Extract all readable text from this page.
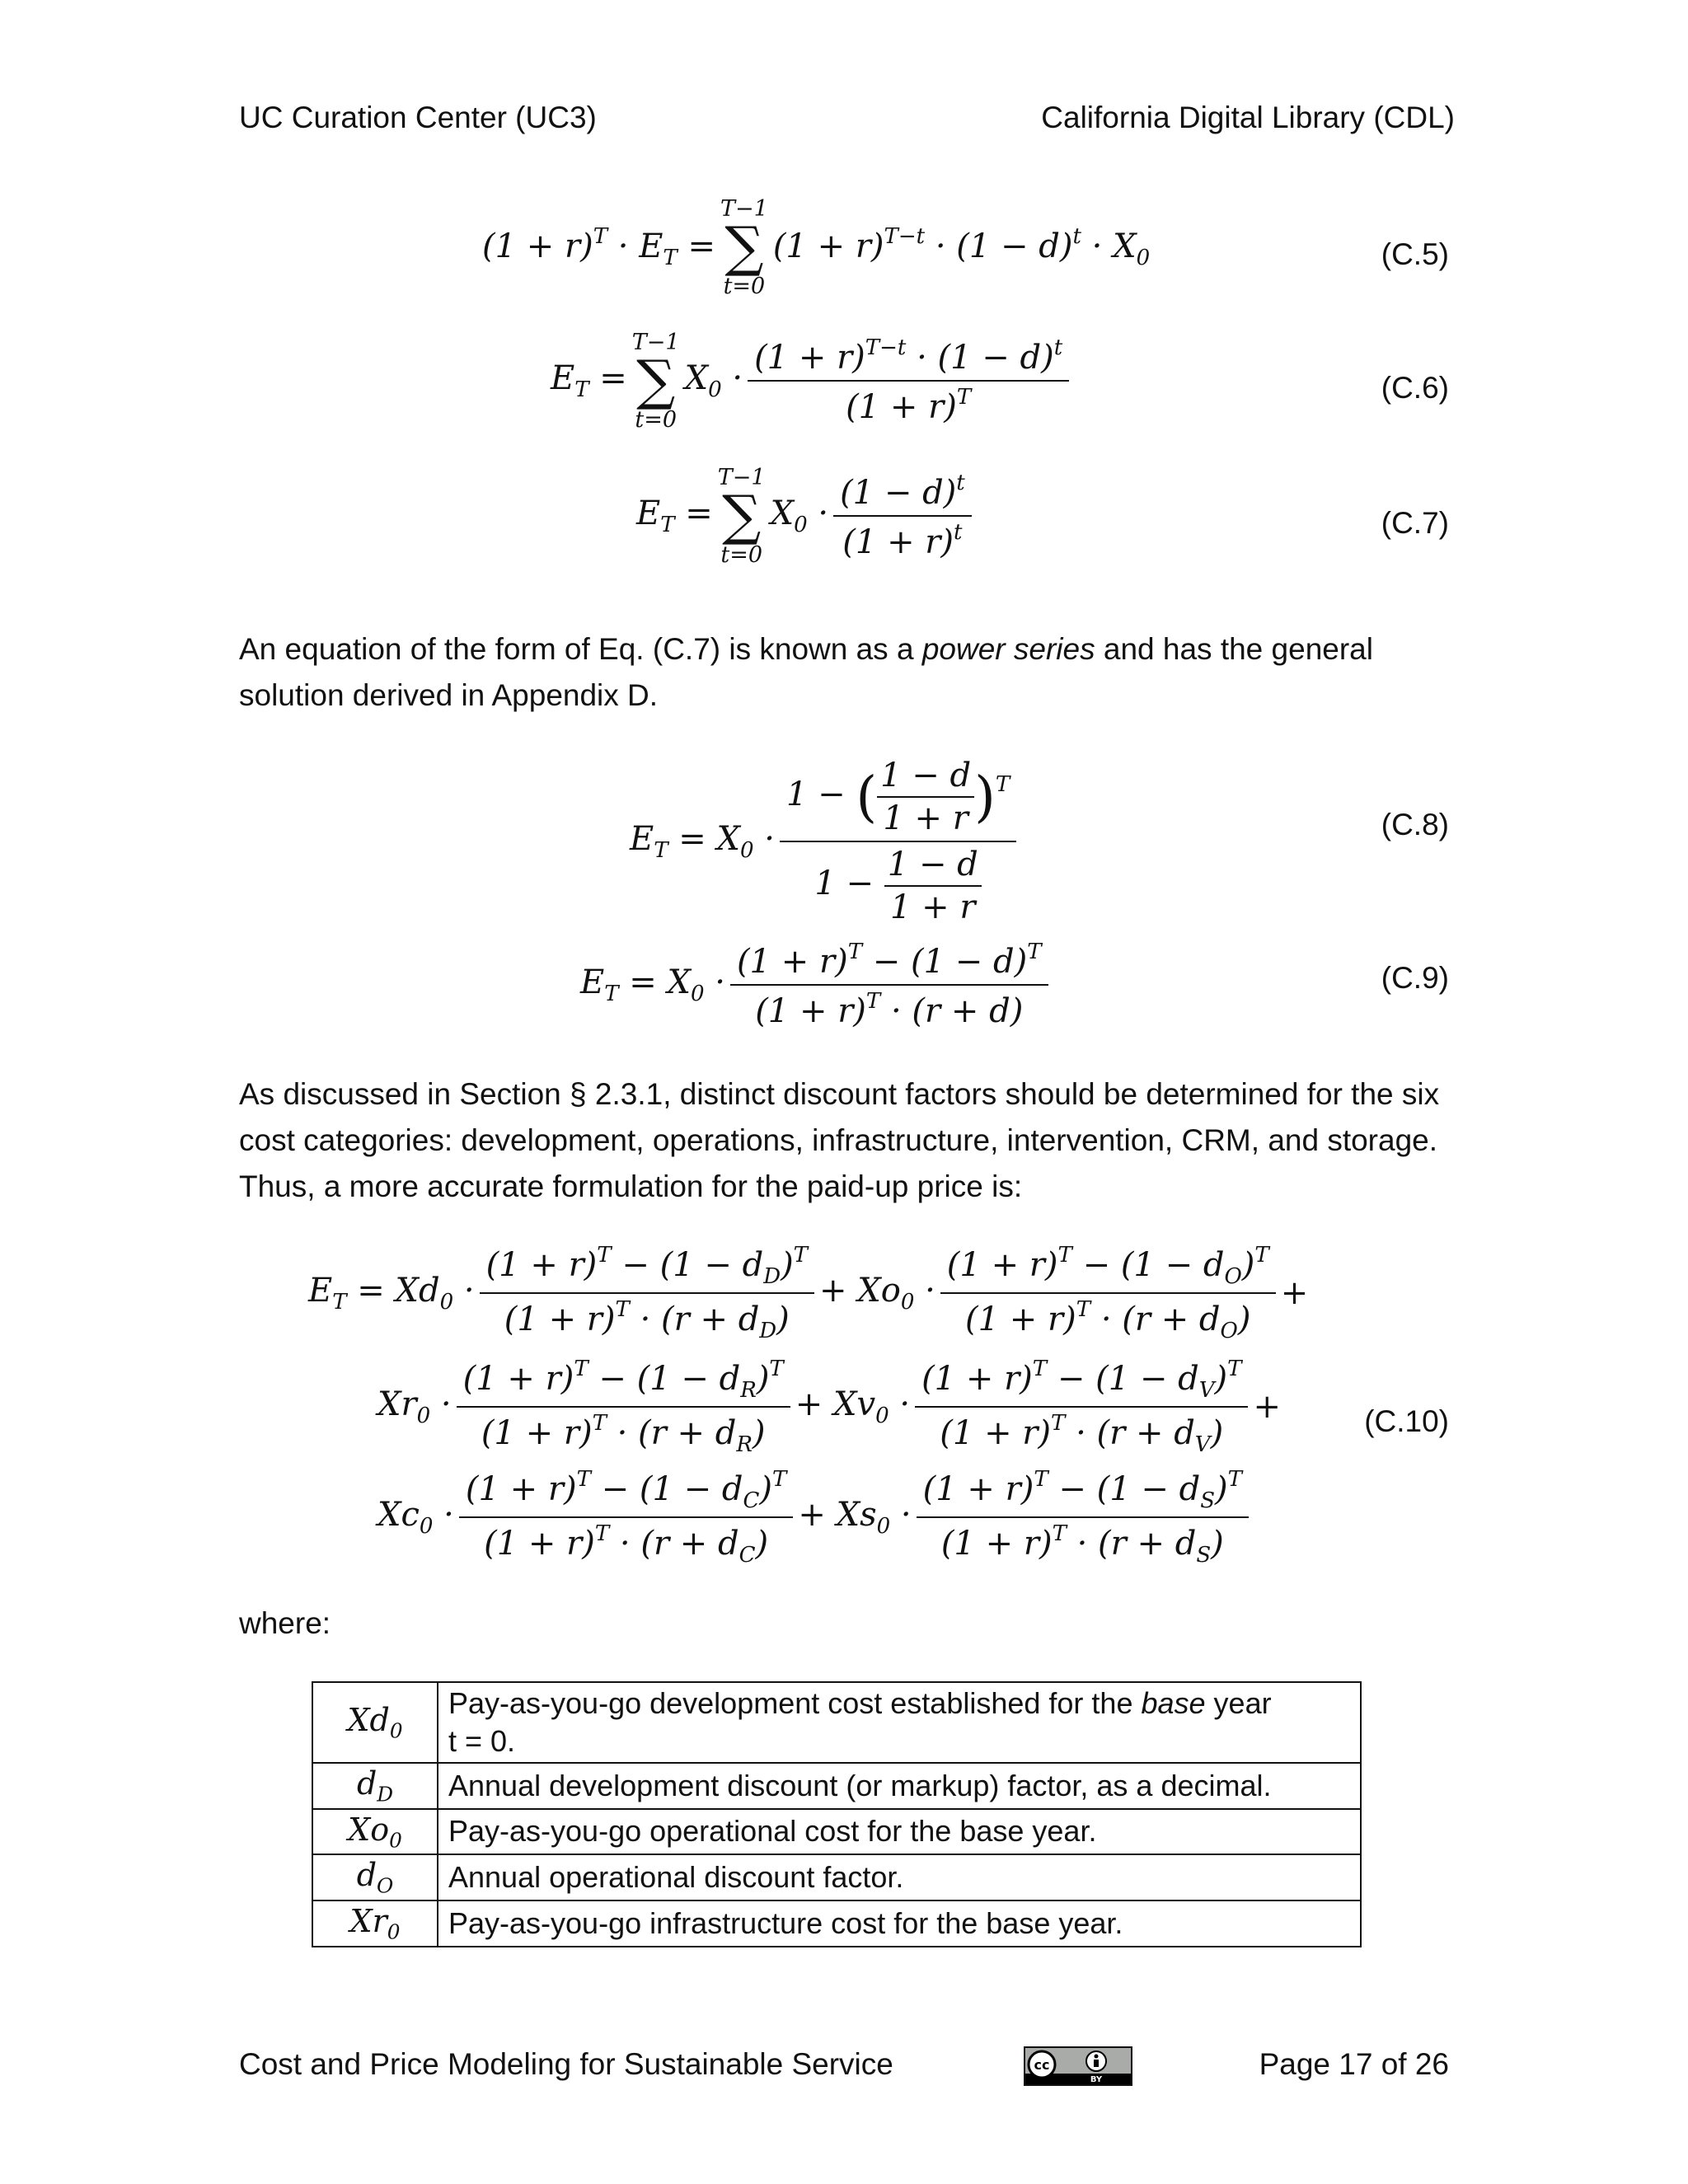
UC Curation Center (UC3)	California Digital Library (CDL)
$(1 + r)^T \cdot E_T$ =
T−1
∑
t=0
$(1 + r)^{T-t} \cdot (1 - d)^t \cdot X_0$	(C.5)
$E_T$ =
T−1
∑
t=0
$X_0 \cdot \frac{(1 + r)^{T-t} \cdot (1 - d)^t}{(1 + r)^T}$	(C.6)
$E_T$ =
T−1
∑
t=0
$X_0 \cdot \frac{(1 - d)^t}{(1 + r)^t}$	(C.7)
An equation of the form of Eq. (C.7) is known as a power series and has the general solution derived in Appendix D.
$E_T = X_0 \cdot \frac{1 - ( \frac{1 - d}{1 + r} )^T}{1 - \frac{1 - d}{1 + r}}$	(C.8)
$E_T = X_0 \cdot \frac{(1 + r)^T - (1 - d)^T}{(1 + r)^T \cdot (r + d)}$	(C.9)
As discussed in Section § 2.3.1, distinct discount factors should be determined for the six cost categories: development, operations, infrastructure, intervention, CRM, and storage. Thus, a more accurate formulation for the paid-up price is:
$E_T = Xd_0 \cdot \frac{(1 + r)^T - (1 - d_D)^T}{(1 + r)^T \cdot (r + d_D)} + Xo_0 \cdot \frac{(1 + r)^T - (1 - d_O)^T}{(1 + r)^T \cdot (r + d_O)}$ +
$Xr_0 \cdot \frac{(1 + r)^T - (1 - d_R)^T}{(1 + r)^T \cdot (r + d_R)} + Xv_0 \cdot \frac{(1 + r)^T - (1 - d_V)^T}{(1 + r)^T \cdot (r + d_V)}$ +
$Xc_0 \cdot \frac{(1 + r)^T - (1 - d_C)^T}{(1 + r)^T \cdot (r + d_C)} + Xs_0 \cdot \frac{(1 + r)^T - (1 - d_S)^T}{(1 + r)^T \cdot (r + d_S)}$
(C.10)
where:
$Xd_0$	Pay-as-you-go development cost established for the base year
t = 0.
$d_D$	Annual development discount (or markup) factor, as a decimal.
$Xo_0$	Pay-as-you-go operational cost for the base year.
$d_O$	Annual operational discount factor.
$Xr_0$	Pay-as-you-go infrastructure cost for the base year.
Cost and Price Modeling for Sustainable Service	cc
BY	Page 17 of 26
